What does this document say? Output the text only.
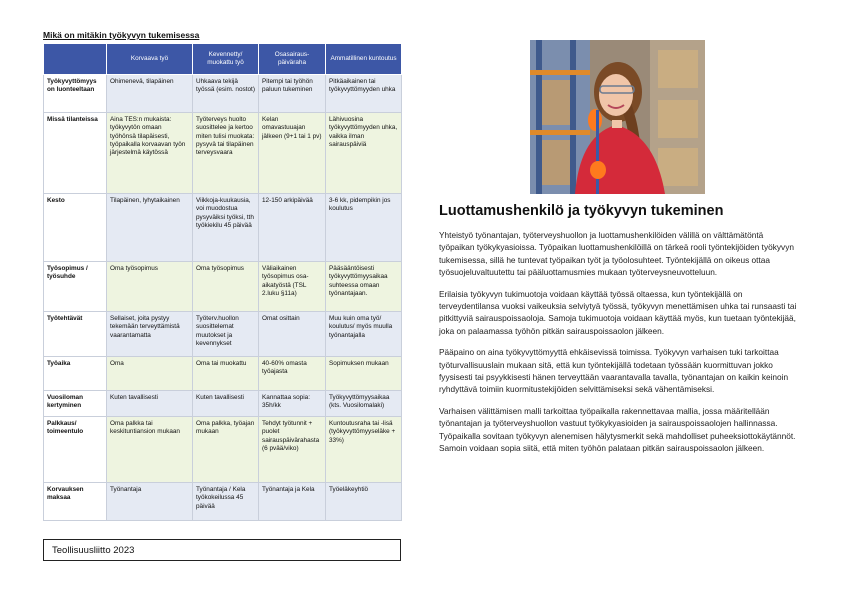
Mikä on mitäkin työkyvyn tukemisessa
	Korvaava työ	Kevennetty/ muokattu työ	Osasairaus-päiväraha	Ammatillinen kuntoutus
Työkyvyttömyys on luonteeltaan	Ohimenevä, tilapäinen	Uhkaava tekijä työssä (esim. nostot)	Pitempi tai työhön paluun tukeminen	Pitkäaikainen tai työkyvyttömyyden uhka
Missä tilanteissa	Aina TES:n mukaista: työkyvytön omaan työhönsä tilapäisesti, työpaikalla korvaavan työn järjestelmä käytössä	Työterveys huolto suosittelee ja kertoo miten tulisi muokata: pysyvä tai tilapäinen terveysvaara	Kelan omavastuuajan jälkeen (9+1 tai 1 pv)	Lähivuosina työkyvyttömyyden uhka, vaikka ilman sairauspäiviä
Kesto	Tilapäinen, lyhytaikainen	Viikkoja-kuukausia, voi muodostua pysyväiksi työksi, tth työkiekilu 45 päivää	12-150 arkipäivää	3-6 kk, pidempikin jos koulutus
Työsopimus / työsuhde	Oma työsopimus	Oma työsopimus	Väliaikainen työsopimus osa-aikatyöstä (TSL 2.luku §11a)	Pääsääntöisesti työkyvyttömyysaikaa suhteessa omaan työnantajaan.
Työtehtävät	Sellaiset, joita pystyy tekemään terveyttämistä vaarantamatta	Työterv.huollon suosittelemat muutokset ja kevennykset	Omat osittain	Muu kuin oma työ/ koulutus/ myös muulla työnantajalla
Työaika	Oma	Oma tai muokattu	40-60% omasta työajasta	Sopimuksen mukaan
Vuosiloman kertyminen	Kuten tavallisesti	Kuten tavallisesti	Kannattaa sopia: 35h/kk	Työkyvyttömyysaikaa (kts. Vuosilomalaki)
Palkkaus/ toimeentulo	Oma palkka tai keskituntiansion mukaan	Oma palkka, työajan mukaan	Tehdyt työtunnit + puolet sairauspäivärahasta (6 pvää/viko)	Kuntoutusraha tai -lisä (työkyvyttömyyseläke + 33%)
Korvauksen maksaa	Työnantaja	Työnantaja / Kela työkokeilussa 45 päivää	Työnantaja ja Kela	Työeläkeyhtiö
Teollisuusliitto 2023
Luottamushenkilö ja työkyvyn tukeminen

Yhteistyö työnantajan, työterveyshuollon ja luottamushenkilöiden välillä on välttämätöntä työpaikan työkykyasioissa. Työpaikan luottamushenkilöillä on tärkeä rooli työntekijöiden työkyvyn tukemisessa, sillä he tuntevat työpaikan työt ja työolosuhteet. Työntekijällä on oikeus ottaa työsuojeluvaltuutettu tai pääluottamusmies mukaan työterveysneuvotteluun.

Erilaisia työkyvyn tukimuotoja voidaan käyttää työssä oltaessa, kun työntekijällä on terveydentilansa vuoksi vaikeuksia selviytyä työssä, työkyvyn menettämisen uhka tai runsaasti tai pitkittyviä sairauspoissaoloja. Samoja tukimuotoja voidaan käyttää myös, kun tuetaan työntekijää, joka on palaamassa työhön pitkän sairauspoissaolon jälkeen.

Pääpaino on aina työkyvyttömyyttä ehkäisevissä toimissa. Työkyvyn varhaisen tuki tarkoittaa työturvallisuuslain mukaan sitä, että kun työntekijällä todetaan työssään kuormittuvan jokko fyysisesti tai psyykkisesti hänen terveyttään vaarantavalla tavalla, työnantajan on kaikin keinoin ryhdyttävä toimiin kuormitustekijöiden selvittämiseksi sekä vähentämiseksi.

Varhaisen välittämisen malli tarkoittaa työpaikalla rakennettavaa mallia, jossa määritellään työnantajan ja työterveyshuollon vastuut työkykyasioiden ja sairauspoissaolojen hallinnassa. Työpaikalla sovitaan työkyvyn alenemisen hälytysmerkit sekä mahdolliset puheeksiottokäytännöt. Samoin voidaan sopia siitä, että miten työhön palataan pitkän sairauspoissaolon jälkeen.
